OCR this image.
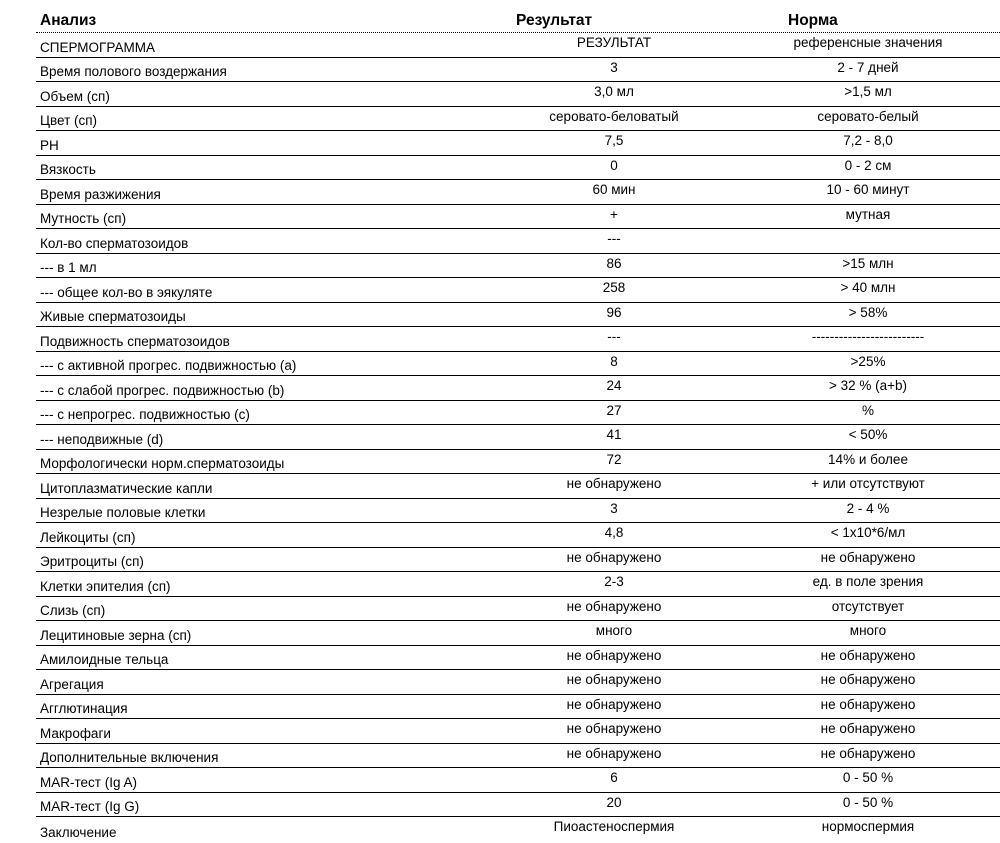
Анализ	Результат	Норма
СПЕРМОГРАММА	РЕЗУЛЬТАТ	референсные значения
Время полового воздержания	3	2 - 7 дней
Объем (сп)	3,0 мл	>1,5 мл
Цвет (сп)	серовато-беловатый	серовато-белый
PH	7,5	7,2 - 8,0
Вязкость	0	0 - 2 см
Время разжижения	60 мин	10 - 60 минут
Мутность (сп)	+	мутная
Кол-во сперматозоидов	---
--- в 1 мл	86	>15 млн
--- общее кол-во в эякуляте	258	> 40 млн
Живые сперматозоиды	96	> 58%
Подвижность сперматозоидов	---	-------------------------
--- с активной прогрес. подвижностью (a)	8	>25%
--- с слабой прогрес. подвижностью (b)	24	> 32 % (a+b)
--- с непрогрес. подвижностью (c)	27	%
--- неподвижные (d)	41	< 50%
Морфологически норм.сперматозоиды	72	14% и более
Цитоплазматические капли	не обнаружено	+ или отсутствуют
Незрелые половые клетки	3	2 - 4 %
Лейкоциты (сп)	4,8	< 1x10*6/мл
Эритроциты (сп)	не обнаружено	не обнаружено
Клетки эпителия (сп)	2-3	ед. в поле зрения
Слизь (сп)	не обнаружено	отсутствует
Лецитиновые зерна (сп)	много	много
Амилоидные тельца	не обнаружено	не обнаружено
Агрегация	не обнаружено	не обнаружено
Агглютинация	не обнаружено	не обнаружено
Макрофаги	не обнаружено	не обнаружено
Дополнительные включения	не обнаружено	не обнаружено
MAR-тест (Ig A)	6	0 - 50 %
MAR-тест (Ig G)	20	0 - 50 %
Заключение	Пиоастеноспермия	нормоспермия
